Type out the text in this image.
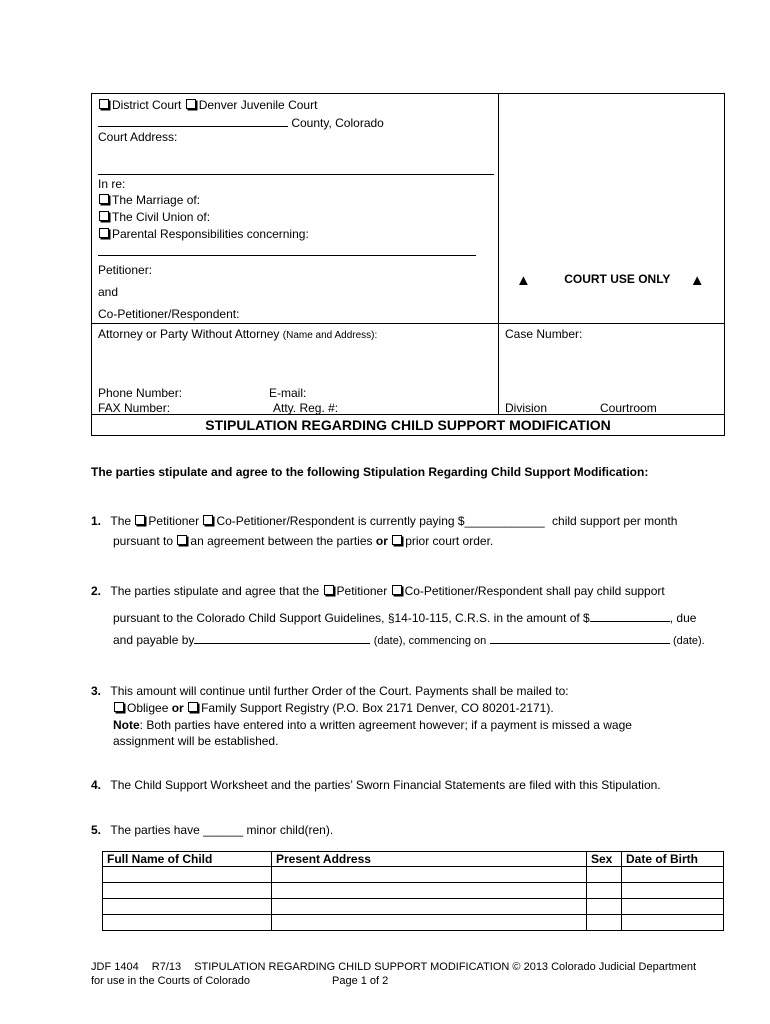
District Court Denver Juvenile Court
County, Colorado
Court Address:
In re:
The Marriage of:
The Civil Union of:
Parental Responsibilities concerning:
Petitioner:
and
Co-Petitioner/Respondent:
▲	COURT USE ONLY ▲
Attorney or Party Without Attorney (Name and Address):	Case Number:
Phone Number:	E-mail:
FAX Number:	Atty. Reg. #:	Division	Courtroom
STIPULATION REGARDING CHILD SUPPORT MODIFICATION
The parties stipulate and agree to the following Stipulation Regarding Child Support Modification:
1. The Petitioner Co-Petitioner/Respondent is currently paying $____________ child support per month
pursuant to an agreement between the parties or prior court order.
2. The parties stipulate and agree that the Petitioner Co-Petitioner/Respondent shall pay child support
pursuant to the Colorado Child Support Guidelines, §14-10-115, C.R.S. in the amount of $	, due
and payable by	(date), commencing on	(date).
3. This amount will continue until further Order of the Court. Payments shall be mailed to:
Obligee or Family Support Registry (P.O. Box 2171 Denver, CO 80201-2171).
Note: Both parties have entered into a written agreement however; if a payment is missed a wage
assignment will be established.
4. The Child Support Worksheet and the parties’ Sworn Financial Statements are filed with this Stipulation.
5. The parties have ______ minor child(ren).
Full Name of Child	Present Address	Sex	Date of Birth

JDF 1404 R7/13 STIPULATION REGARDING CHILD SUPPORT MODIFICATION © 2013 Colorado Judicial Department
for use in the Courts of Colorado	Page 1 of 2
